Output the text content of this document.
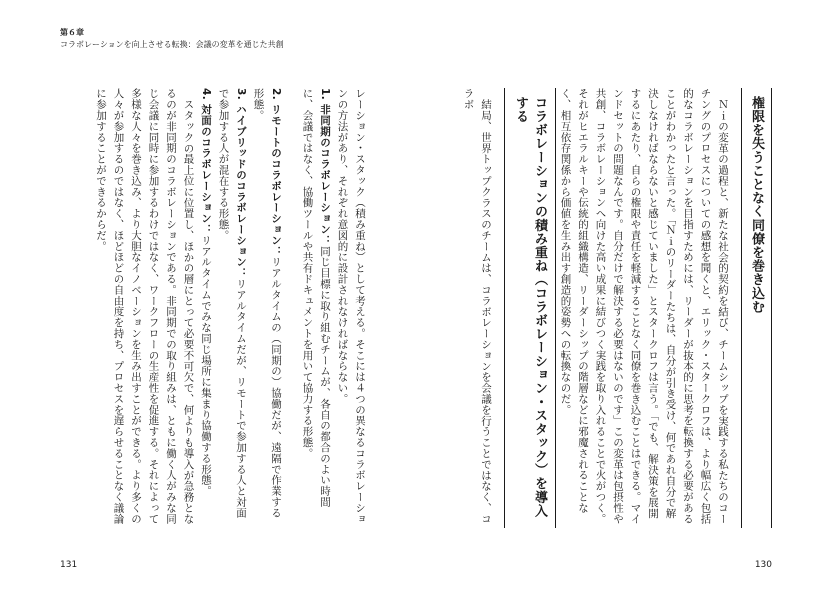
第６章
コラボレーションを向上させる転換：会議の変革を通じた共創
権限を失うことなく同僚を巻き込む

Ｎｉの変革の過程と、新たな社会的契約を結び、チームシップを実践する私たちのコーチングのプロセスについての感想を聞くと、エリック・スタークロフは、より幅広く包括的なコラボレーションを目指すためには、リーダーが抜本的に思考を転換する必要があることがわかったと言った。「Ｎｉのリーダーたちは、自分が引き受け、何であれ自分で解決しなければならないと感じていました」とスタークロフは言う。「でも、解決策を展開するにあたり、自らの権限や責任を軽減することなく同僚を巻き込むことはできる。マインドセットの問題なんです。自分だけで解決する必要はないのです」この変革は包摂性や共創、コラボレーションへ向けた高い成果に結びつく実践を取り入れることで火がつく。それがヒエラルキーや伝統的組織構造、リーダーシップの階層などに邪魔されることなく、相互依存関係から価値を生み出す創造的姿勢への転換なのだ。

コラボレーションの積み重ね（コラボレーション・スタック）を導入する

結局、世界トップクラスのチームは、コラボレーションを会議を行うことではなく、コラボ

レーション・スタック（積み重ね）として考える。そこには４つの異なるコラボレーションの方法があり、それぞれ意図的に設計されなければならない。

1. 非同期のコラボレーション：同じ目標に取り組むチームが、各自の都合のよい時間に、会議ではなく、協働ツールや共有ドキュメントを用いて協力する形態。

2. リモートのコラボレーション：リアルタイムの（同期の）協働だが、遠隔で作業する形態。

3. ハイブリッドのコラボレーション：リアルタイムだが、リモートで参加する人と対面で参加する人が混在する形態。

4. 対面のコラボレーション：リアルタイムでみな同じ場所に集まり協働する形態。

スタックの最上位に位置し、ほかの層にとって必要不可欠で、何よりも導入が急務となるのが非同期のコラボレーションである。非同期での取り組みは、ともに働く人がみな同じ会議に同時に参加するわけではなく、ワークフローの生産性を促進する。それによって多様な人々を巻き込み、より大胆なイノベーションを生み出すことができる。より多くの人々が参加するのではなく、ほどほどの自由度を持ち、プロセスを遅らせることなく議論に参加することができるからだ。

131	130
